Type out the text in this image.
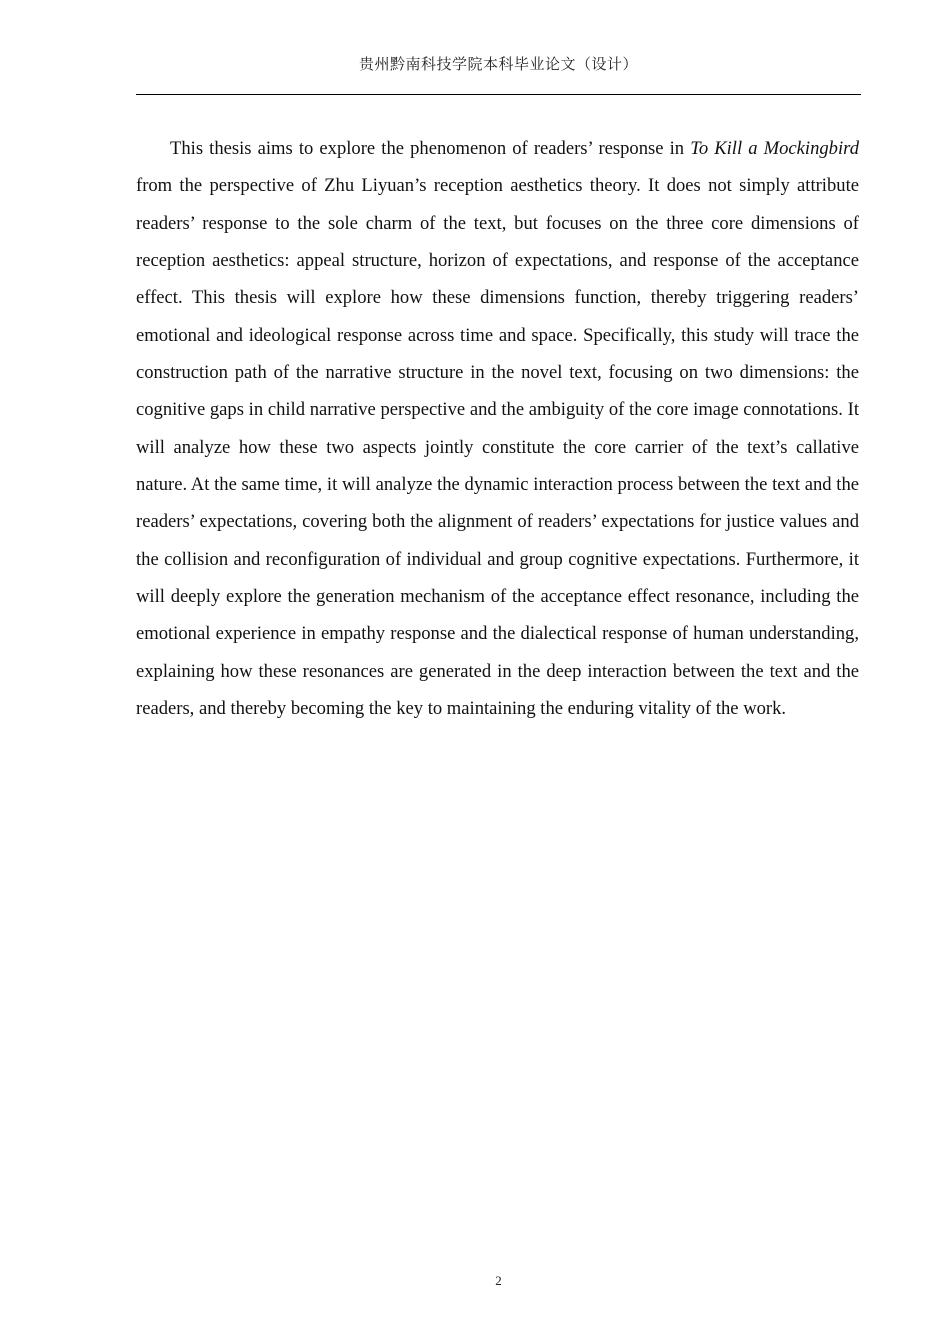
贵州黔南科技学院本科毕业论文（设计）

This thesis aims to explore the phenomenon of readers’ response in To Kill a Mockingbird from the perspective of Zhu Liyuan’s reception aesthetics theory. It does not simply attribute readers’ response to the sole charm of the text, but focuses on the three core dimensions of reception aesthetics: appeal structure, horizon of expectations, and response of the acceptance effect. This thesis will explore how these dimensions function, thereby triggering readers’ emotional and ideological response across time and space. Specifically, this study will trace the construction path of the narrative structure in the novel text, focusing on two dimensions: the cognitive gaps in child narrative perspective and the ambiguity of the core image connotations. It will analyze how these two aspects jointly constitute the core carrier of the text’s callative nature. At the same time, it will analyze the dynamic interaction process between the text and the readers’ expectations, covering both the alignment of readers’ expectations for justice values and the collision and reconfiguration of individual and group cognitive expectations. Furthermore, it will deeply explore the generation mechanism of the acceptance effect resonance, including the emotional experience in empathy response and the dialectical response of human understanding, explaining how these resonances are generated in the deep interaction between the text and the readers, and thereby becoming the key to maintaining the enduring vitality of the work.

2
